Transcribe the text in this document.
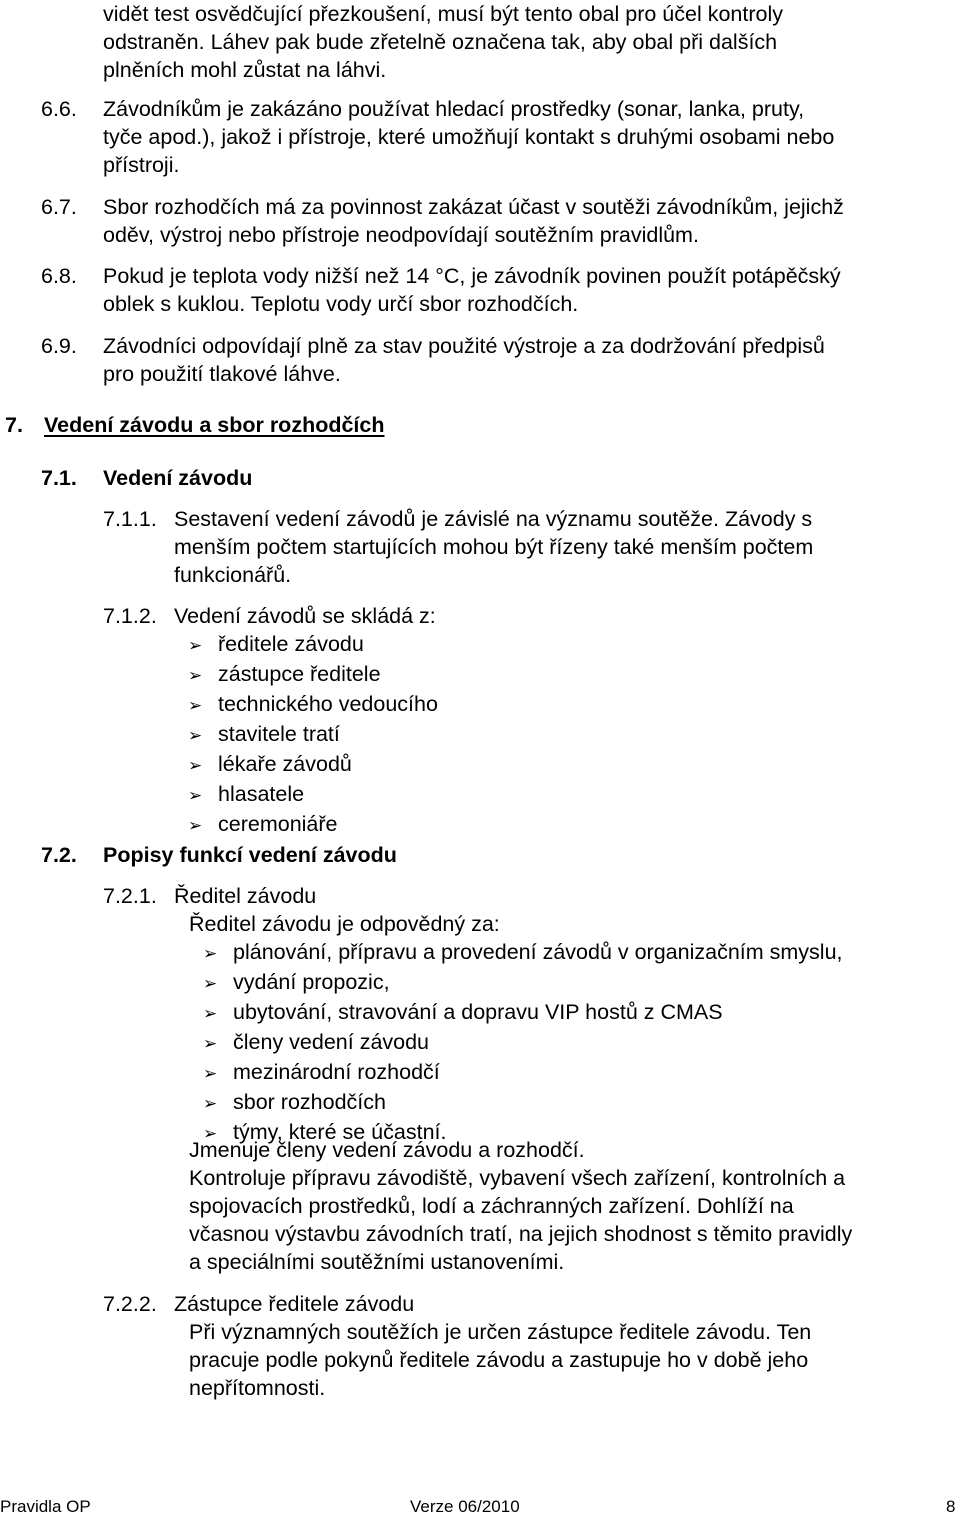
vidět test osvědčující přezkoušení, musí být tento obal pro účel kontroly
odstraněn. Láhev pak bude zřetelně označena tak, aby obal při dalších
plněních mohl zůstat na láhvi.
6.6. Závodníkům je zakázáno používat hledací prostředky (sonar, lanka, pruty,
tyče apod.), jakož i přístroje, které umožňují kontakt s druhými osobami nebo
přístroji.
6.7. Sbor rozhodčích má za povinnost zakázat účast v soutěži závodníkům, jejichž
oděv, výstroj nebo přístroje neodpovídají soutěžním pravidlům.
6.8. Pokud je teplota vody nižší než 14 °C, je závodník povinen použít potápěčský
oblek s kuklou. Teplotu vody určí sbor rozhodčích.
6.9. Závodníci odpovídají plně za stav použité výstroje a za dodržování předpisů
pro použití tlakové láhve.
7. Vedení závodu a sbor rozhodčích
7.1. Vedení závodu
7.1.1. Sestavení vedení závodů je závislé na významu soutěže. Závody s
menším počtem startujících mohou být řízeny také menším počtem
funkcionářů.
7.1.2. Vedení závodů se skládá z:
➢ ředitele závodu
➢ zástupce ředitele
➢ technického vedoucího
➢ stavitele tratí
➢ lékaře závodů
➢ hlasatele
➢ ceremoniáře
7.2. Popisy funkcí vedení závodu
7.2.1. Ředitel závodu
Ředitel závodu je odpovědný za:
➢ plánování, přípravu a provedení závodů v organizačním smyslu,
➢ vydání propozic,
➢ ubytování, stravování a dopravu VIP hostů z CMAS
➢ členy vedení závodu
➢ mezinárodní rozhodčí
➢ sbor rozhodčích
➢ týmy, které se účastní.
Jmenuje členy vedení závodu a rozhodčí.
Kontroluje přípravu závodiště, vybavení všech zařízení, kontrolních a
spojovacích prostředků, lodí a záchranných zařízení. Dohlíží na
včasnou výstavbu závodních tratí, na jejich shodnost s těmito pravidly
a speciálními soutěžními ustanoveními.
7.2.2. Zástupce ředitele závodu
Při významných soutěžích je určen zástupce ředitele závodu. Ten
pracuje podle pokynů ředitele závodu a zastupuje ho v době jeho
nepřítomnosti.
Pravidla OP	Verze 06/2010	8
